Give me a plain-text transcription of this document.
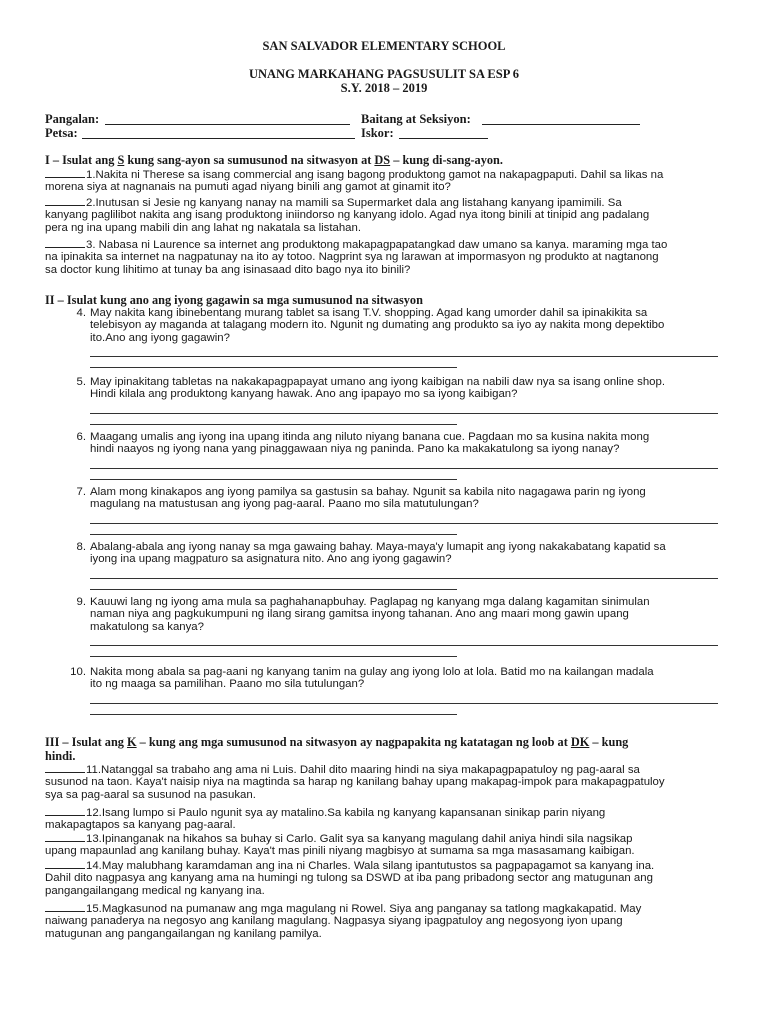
SAN SALVADOR ELEMENTARY SCHOOL
UNANG MARKAHANG PAGSUSULIT SA ESP 6
S.Y. 2018 – 2019
Pangalan:	Baitang at Seksiyon:
Petsa:	Iskor:
I – Isulat ang S kung sang-ayon sa sumusunod na sitwasyon at DS – kung di-sang-ayon.
1.Nakita ni Therese sa isang commercial ang isang bagong produktong gamot na nakapagpaputi. Dahil sa likas na
morena siya at nagnanais na pumuti agad niyang binili ang gamot at ginamit ito?
2.Inutusan si Jesie ng kanyang nanay na mamili sa Supermarket dala ang listahang kanyang ipamimili. Sa
kanyang paglilibot nakita ang isang produktong iniindorso ng kanyang idolo. Agad nya itong binili at tinipid ang padalang
pera ng ina upang mabili din ang lahat ng nakatala sa listahan.
3. Nabasa ni Laurence sa internet ang produktong makapagpapatangkad daw umano sa kanya. maraming mga tao
na ipinakita sa internet na nagpatunay na ito ay totoo. Nagprint sya ng larawan at impormasyon ng produkto at nagtanong
sa doctor kung lihitimo at tunay ba ang isinasaad dito bago nya ito binili?
II – Isulat kung ano ang iyong gagawin sa mga sumusunod na sitwasyon
4. May nakita kang ibinebentang murang tablet sa isang T.V. shopping. Agad kang umorder dahil sa ipinakikita sa
telebisyon ay maganda at talagang modern ito. Ngunit ng dumating ang produkto sa iyo ay nakita mong depektibo
ito.Ano ang iyong gagawin?
5. May ipinakitang tabletas na nakakapagpapayat umano ang iyong kaibigan na nabili daw nya sa isang online shop.
Hindi kilala ang produktong kanyang hawak. Ano ang ipapayo mo sa iyong kaibigan?
6. Maagang umalis ang iyong ina upang itinda ang niluto niyang banana cue. Pagdaan mo sa kusina nakita mong
hindi naayos ng iyong nana yang pinaggawaan niya ng paninda. Pano ka makakatulong sa iyong nanay?
7. Alam mong kinakapos ang iyong pamilya sa gastusin sa bahay. Ngunit sa kabila nito nagagawa parin ng iyong
magulang na matustusan ang iyong pag-aaral. Paano mo sila matutulungan?
8. Abalang-abala ang iyong nanay sa mga gawaing bahay. Maya-maya'y lumapit ang iyong nakakabatang kapatid sa
iyong ina upang magpaturo sa asignatura nito. Ano ang iyong gagawin?
9. Kauuwi lang ng iyong ama mula sa paghahanapbuhay. Paglapag ng kanyang mga dalang kagamitan sinimulan
naman niya ang pagkukumpuni ng ilang sirang gamitsa inyong tahanan. Ano ang maari mong gawin upang
makatulong sa kanya?
10. Nakita mong abala sa pag-aani ng kanyang tanim na gulay ang iyong lolo at lola. Batid mo na kailangan madala
ito ng maaga sa pamilihan. Paano mo sila tutulungan?
III – Isulat ang K – kung ang mga sumusunod na sitwasyon ay nagpapakita ng katatagan ng loob at DK – kung
hindi.
11.Natanggal sa trabaho ang ama ni Luis. Dahil dito maaring hindi na siya makapagpapatuloy ng pag-aaral sa
susunod na taon. Kaya't naisip niya na magtinda sa harap ng kanilang bahay upang makapag-impok para makapagpatuloy
sya sa pag-aaral sa susunod na pasukan.
12.Isang lumpo si Paulo ngunit sya ay matalino.Sa kabila ng kanyang kapansanan sinikap parin niyang
makapagtapos sa kanyang pag-aaral.
13.Ipinanganak na hikahos sa buhay si Carlo. Galit sya sa kanyang magulang dahil aniya hindi sila nagsikap
upang mapaunlad ang kanilang buhay. Kaya't mas pinili niyang magbisyo at sumama sa mga masasamang kaibigan.
14.May malubhang karamdaman ang ina ni Charles. Wala silang ipantutustos sa pagpapagamot sa kanyang ina.
Dahil dito nagpasya ang kanyang ama na humingi ng tulong sa DSWD at iba pang pribadong sector ang matugunan ang
pangangailangang medical ng kanyang ina.
15.Magkasunod na pumanaw ang mga magulang ni Rowel. Siya ang panganay sa tatlong magkakapatid. May
naiwang panaderya na negosyo ang kanilang magulang. Nagpasya siyang ipagpatuloy ang negosyong iyon upang
matugunan ang pangangailangan ng kanilang pamilya.
